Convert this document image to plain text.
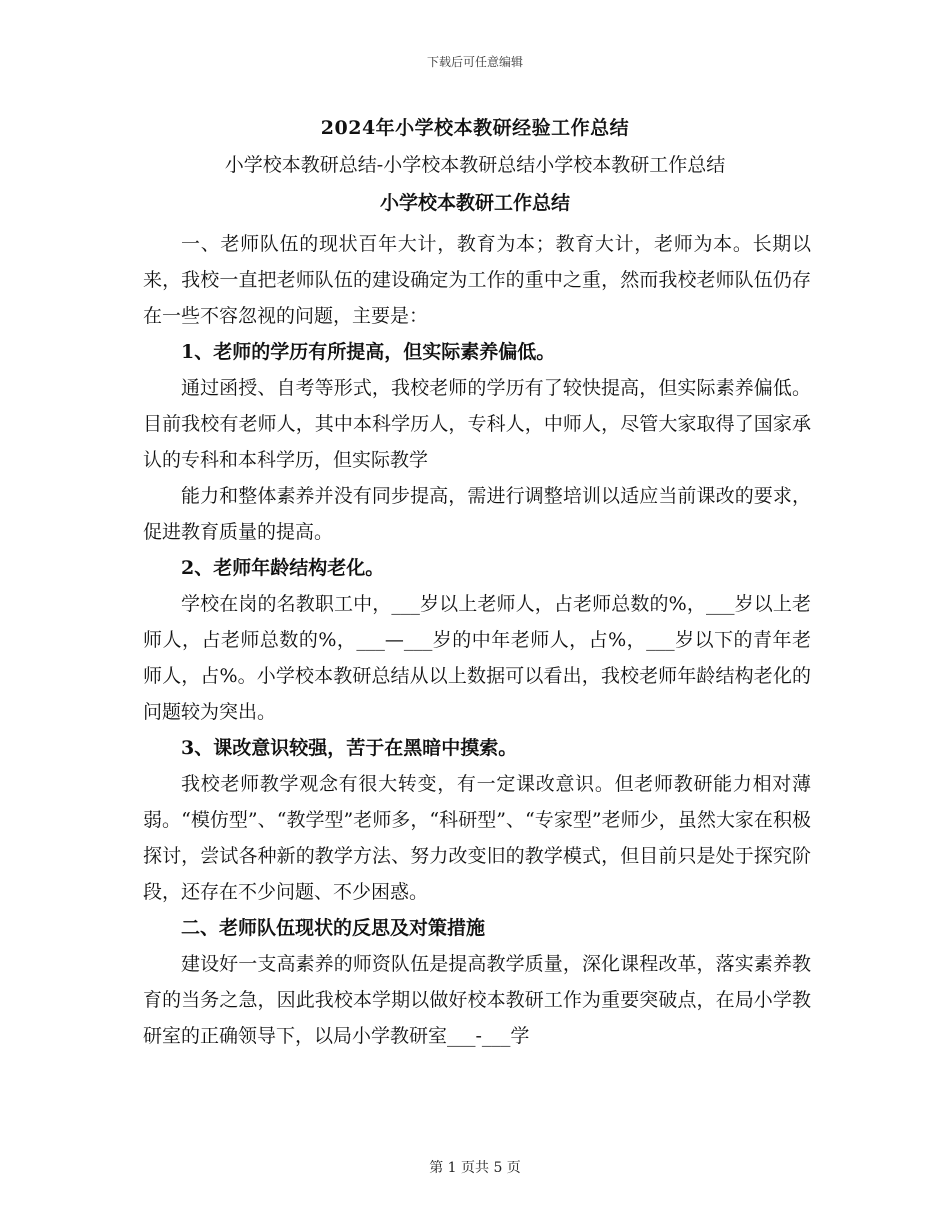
下载后可任意编辑
2024年小学校本教研经验工作总结
小学校本教研总结-小学校本教研总结小学校本教研工作总结
小学校本教研工作总结

一、老师队伍的现状百年大计，教育为本；教育大计，老师为本。长期以来，我校一直把老师队伍的建设确定为工作的重中之重，然而我校老师队伍仍存在一些不容忽视的问题，主要是：

1、老师的学历有所提高，但实际素养偏低。

通过函授、自考等形式，我校老师的学历有了较快提高，但实际素养偏低。目前我校有老师人，其中本科学历人，专科人，中师人，尽管大家取得了国家承认的专科和本科学历，但实际教学

能力和整体素养并没有同步提高，需进行调整培训以适应当前课改的要求，促进教育质量的提高。

2、老师年龄结构老化。

学校在岗的名教职工中，___岁以上老师人，占老师总数的%，___岁以上老师人，占老师总数的%，___—___岁的中年老师人，占%，___岁以下的青年老师人，占%。小学校本教研总结从以上数据可以看出，我校老师年龄结构老化的问题较为突出。

3、课改意识较强，苦于在黑暗中摸索。

我校老师教学观念有很大转变，有一定课改意识。但老师教研能力相对薄弱。“模仿型”、“教学型”老师多，“科研型”、“专家型”老师少，虽然大家在积极探讨，尝试各种新的教学方法、努力改变旧的教学模式，但目前只是处于探究阶段，还存在不少问题、不少困惑。

二、老师队伍现状的反思及对策措施

建设好一支高素养的师资队伍是提高教学质量，深化课程改革，落实素养教育的当务之急，因此我校本学期以做好校本教研工作为重要突破点，在局小学教研室的正确领导下，以局小学教研室___-___学

第 1 页共 5 页
